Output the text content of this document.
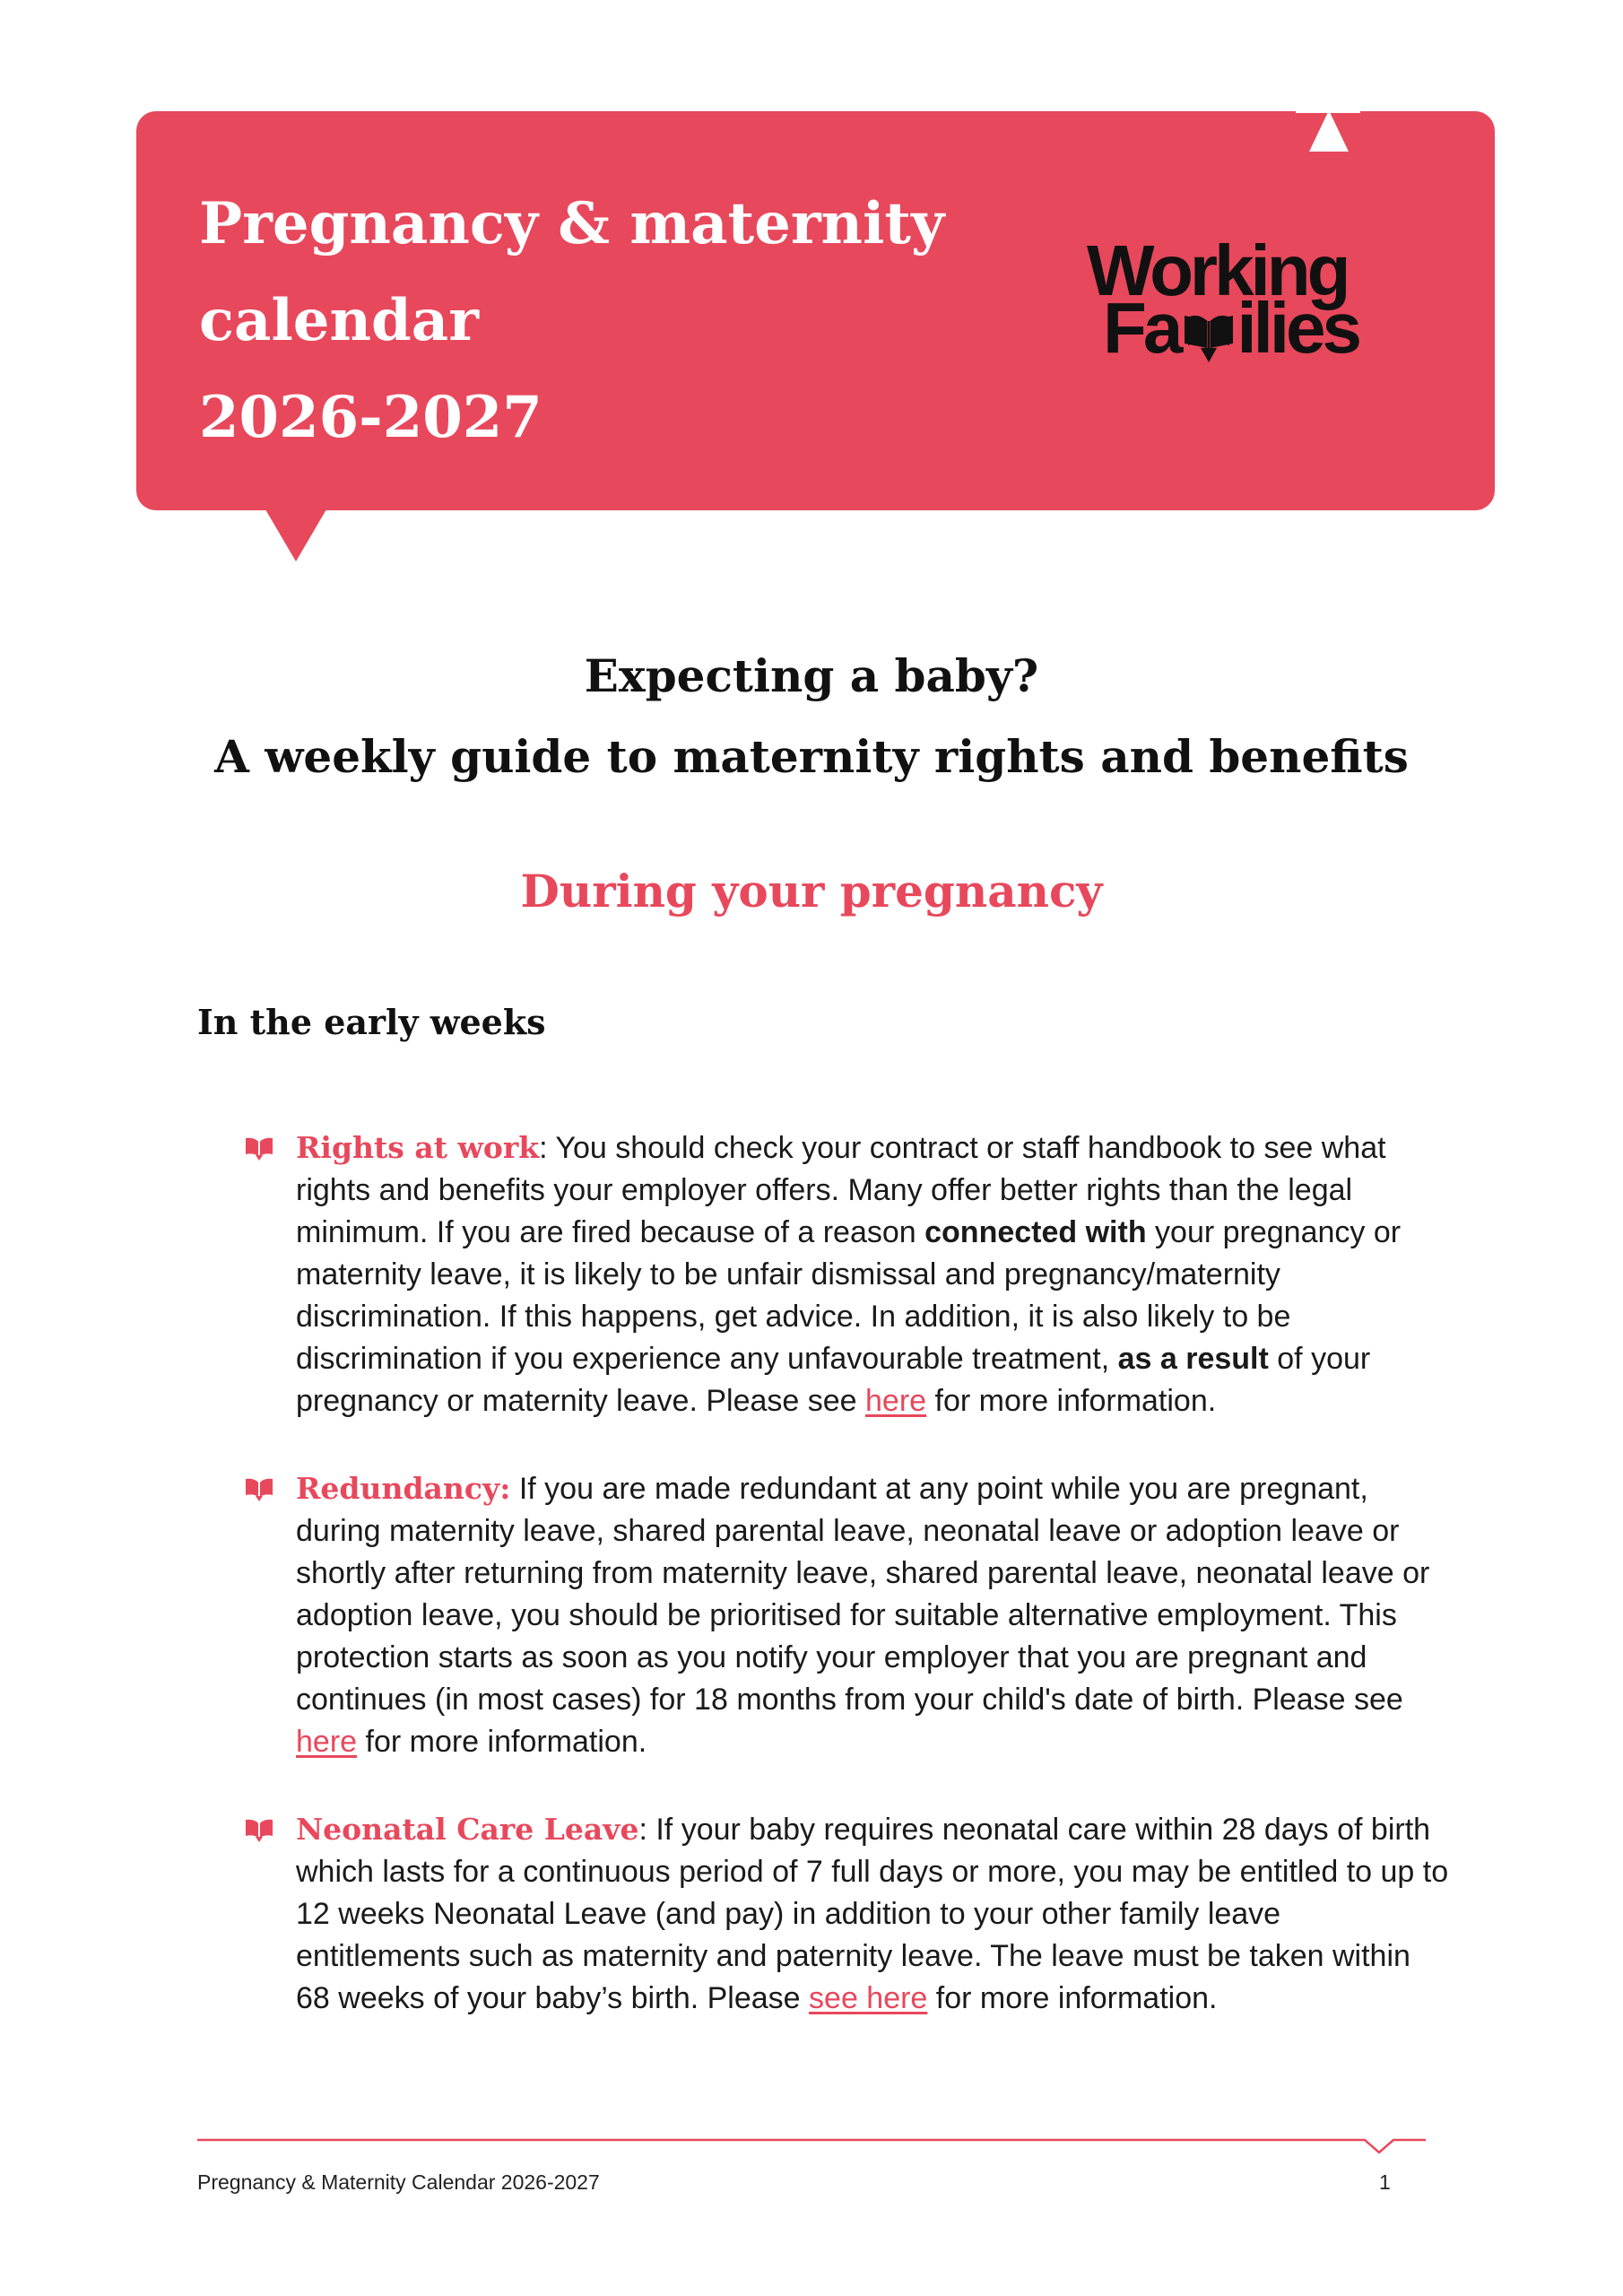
Pregnancy & maternity
calendar
2026-2027
Working
Fa ilies
Expecting a baby?
A weekly guide to maternity rights and benefits
During your pregnancy
In the early weeks

Rights at work: You should check your contract or staff handbook to see what rights and benefits your employer offers. Many offer better rights than the legal minimum. If you are fired because of a reason connected with your pregnancy or maternity leave, it is likely to be unfair dismissal and pregnancy/maternity discrimination. If this happens, get advice. In addition, it is also likely to be discrimination if you experience any unfavourable treatment, as a result of your pregnancy or maternity leave. Please see here for more information.

Redundancy: If you are made redundant at any point while you are pregnant, during maternity leave, shared parental leave, neonatal leave or adoption leave or shortly after returning from maternity leave, shared parental leave, neonatal leave or adoption leave, you should be prioritised for suitable alternative employment. This protection starts as soon as you notify your employer that you are pregnant and continues (in most cases) for 18 months from your child's date of birth. Please see here for more information.

Neonatal Care Leave: If your baby requires neonatal care within 28 days of birth which lasts for a continuous period of 7 full days or more, you may be entitled to up to 12 weeks Neonatal Leave (and pay) in addition to your other family leave entitlements such as maternity and paternity leave. The leave must be taken within 68 weeks of your baby’s birth. Please see here for more information.

Pregnancy & Maternity Calendar 2026-2027	1
